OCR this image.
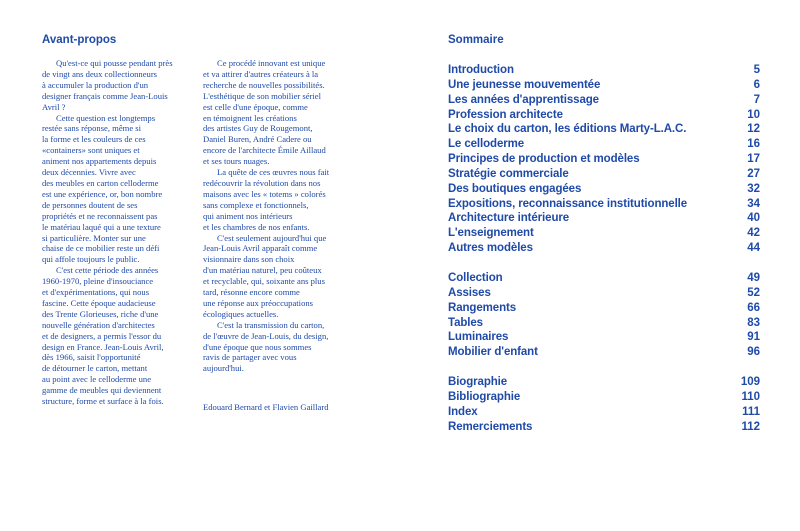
Avant-propos

Qu'est-ce qui pousse pendant près
de vingt ans deux collectionneurs
à accumuler la production d'un
designer français comme Jean-Louis
Avril ?

Cette question est longtemps
restée sans réponse, même si
la forme et les couleurs de ces
«containers» sont uniques et
animent nos appartements depuis
deux décennies. Vivre avec
des meubles en carton celloderme
est une expérience, or, bon nombre
de personnes doutent de ses
propriétés et ne reconnaissent pas
le matériau laqué qui a une texture
si particulière. Monter sur une
chaise de ce mobilier reste un défi
qui affole toujours le public.

C'est cette période des années
1960-1970, pleine d'insouciance
et d'expérimentations, qui nous
fascine. Cette époque audacieuse
des Trente Glorieuses, riche d'une
nouvelle génération d'architectes
et de designers, a permis l'essor du
design en France. Jean-Louis Avril,
dès 1966, saisit l'opportunité
de détourner le carton, mettant
au point avec le celloderme une
gamme de meubles qui deviennent
structure, forme et surface à la fois.

Ce procédé innovant est unique
et va attirer d'autres créateurs à la
recherche de nouvelles possibilités.
L'esthétique de son mobilier sériel
est celle d'une époque, comme
en témoignent les créations
des artistes Guy de Rougemont,
Daniel Buren, André Cadere ou
encore de l'architecte Émile Aillaud
et ses tours nuages.

La quête de ces œuvres nous fait
redécouvrir la révolution dans nos
maisons avec les « totems » colorés
sans complexe et fonctionnels,
qui animent nos intérieurs
et les chambres de nos enfants.

C'est seulement aujourd'hui que
Jean-Louis Avril apparaît comme
visionnaire dans son choix
d'un matériau naturel, peu coûteux
et recyclable, qui, soixante ans plus
tard, résonne encore comme
une réponse aux préoccupations
écologiques actuelles.

C'est la transmission du carton,
de l'œuvre de Jean-Louis, du design,
d'une époque que nous sommes
ravis de partager avec vous
aujourd'hui.

Edouard Bernard et Flavien Gaillard
Sommaire
Introduction	5
Une jeunesse mouvementée	6
Les années d'apprentissage	7
Profession architecte	10
Le choix du carton, les éditions Marty-L.A.C.	12
Le celloderme	16
Principes de production et modèles	17
Stratégie commerciale	27
Des boutiques engagées	32
Expositions, reconnaissance institutionnelle	34
Architecture intérieure	40
L'enseignement	42
Autres modèles	44
Collection	49
Assises	52
Rangements	66
Tables	83
Luminaires	91
Mobilier d'enfant	96
Biographie	109
Bibliographie	110
Index	111
Remerciements	112
